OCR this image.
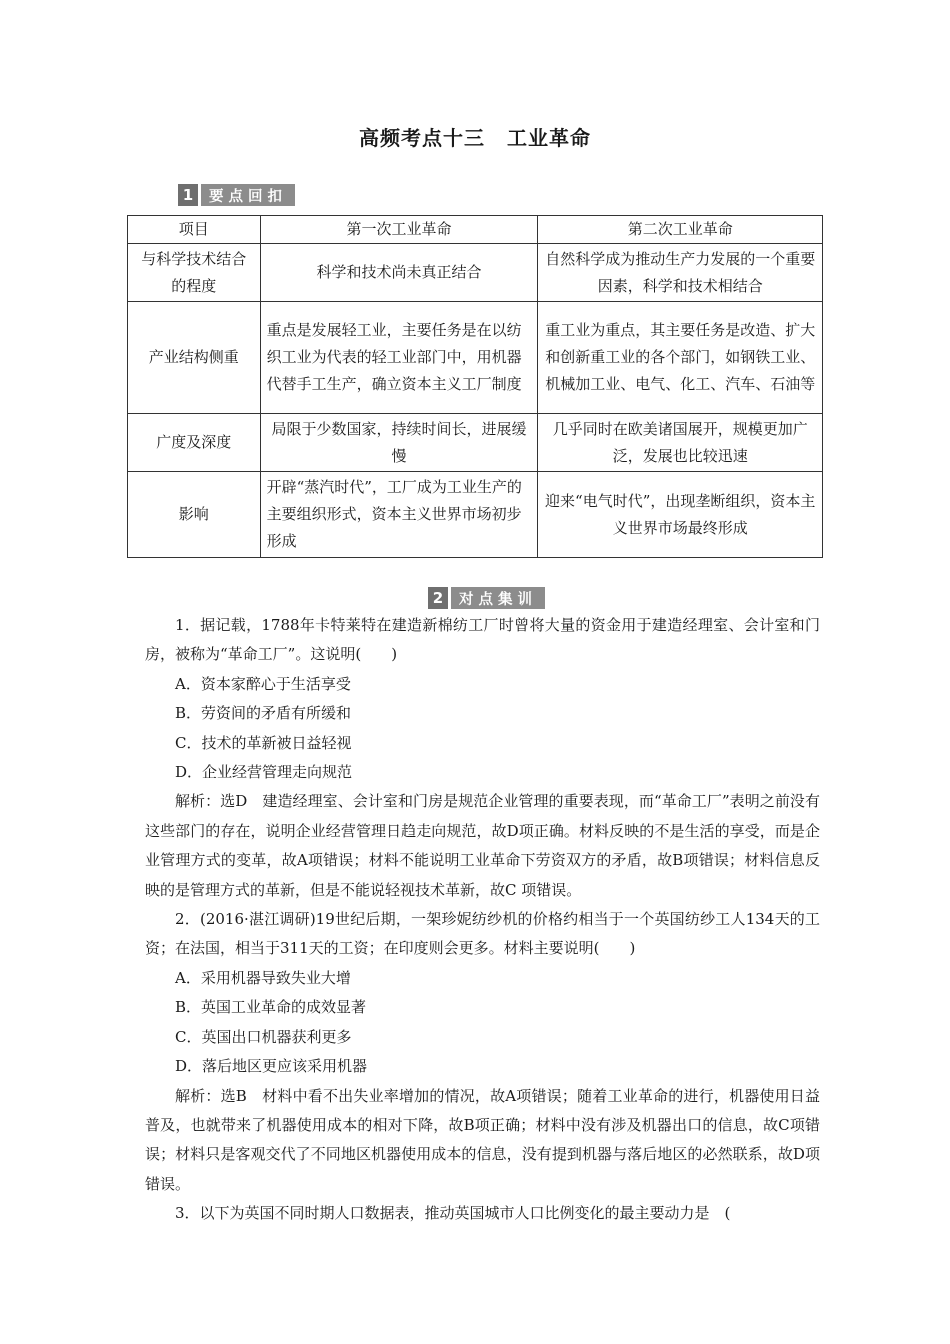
高频考点十三 工业革命
1	要点回扣
项目	第一次工业革命	第二次工业革命
与科学技术结合的程度	科学和技术尚未真正结合	自然科学成为推动生产力发展的一个重要因素，科学和技术相结合
产业结构侧重	重点是发展轻工业，主要任务是在以纺织工业为代表的轻工业部门中，用机器代替手工生产，确立资本主义工厂制度	重工业为重点，其主要任务是改造、扩大和创新重工业的各个部门，如钢铁工业、机械加工业、电气、化工、汽车、石油等
广度及深度	局限于少数国家，持续时间长，进展缓慢	几乎同时在欧美诸国展开，规模更加广泛，发展也比较迅速
影响	开辟“蒸汽时代”，工厂成为工业生产的主要组织形式，资本主义世界市场初步形成	迎来“电气时代”，出现垄断组织，资本主义世界市场最终形成
2	对点集训

1．据记载，1788年卡特莱特在建造新棉纺工厂时曾将大量的资金用于建造经理室、会计室和门房，被称为“革命工厂”。这说明(　　)

A．资本家醉心于生活享受

B．劳资间的矛盾有所缓和

C．技术的革新被日益轻视

D．企业经营管理走向规范

解析：选D　建造经理室、会计室和门房是规范企业管理的重要表现，而“革命工厂”表明之前没有这些部门的存在，说明企业经营管理日趋走向规范，故D项正确。材料反映的不是生活的享受，而是企业管理方式的变革，故A项错误；材料不能说明工业革命下劳资双方的矛盾，故B项错误；材料信息反映的是管理方式的革新，但是不能说轻视技术革新，故C 项错误。

2．(2016·湛江调研)19世纪后期，一架珍妮纺纱机的价格约相当于一个英国纺纱工人134天的工资；在法国，相当于311天的工资；在印度则会更多。材料主要说明(　　)

A．采用机器导致失业大增

B．英国工业革命的成效显著

C．英国出口机器获利更多

D．落后地区更应该采用机器

解析：选B　材料中看不出失业率增加的情况，故A项错误；随着工业革命的进行，机器使用日益普及，也就带来了机器使用成本的相对下降，故B项正确；材料中没有涉及机器出口的信息，故C项错误；材料只是客观交代了不同地区机器使用成本的信息，没有提到机器与落后地区的必然联系，故D项错误。

3．以下为英国不同时期人口数据表，推动英国城市人口比例变化的最主要动力是　(
